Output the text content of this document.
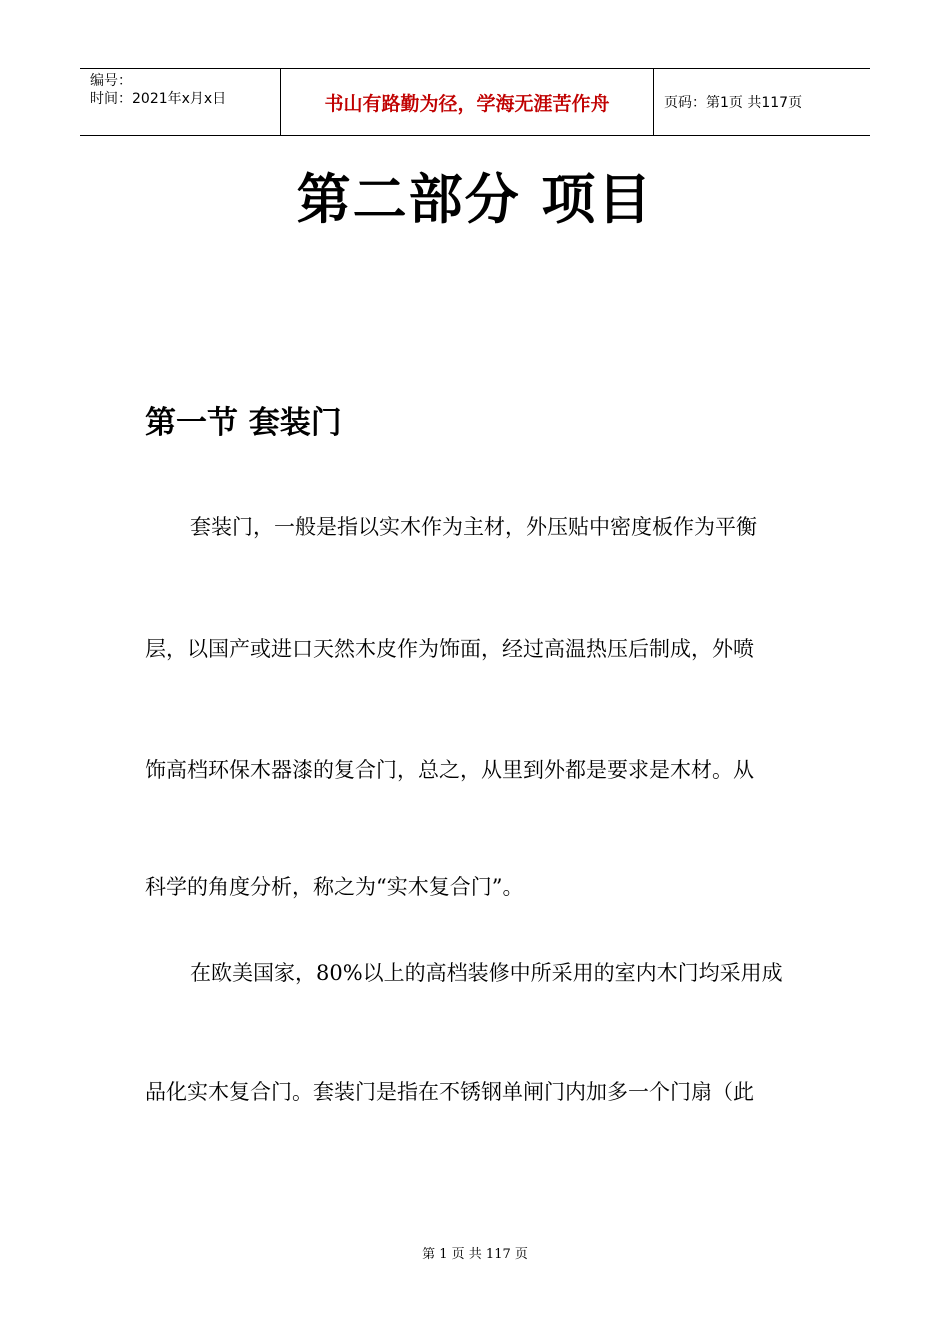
编号：
时间：2021年x月x日	书山有路勤为径，学海无涯苦作舟	页码：第1页 共117页
第二部分 项目
第一节 套装门
套装门，一般是指以实木作为主材，外压贴中密度板作为平衡
层，以国产或进口天然木皮作为饰面，经过高温热压后制成，外喷
饰高档环保木器漆的复合门，总之，从里到外都是要求是木材。从
科学的角度分析，称之为“实木复合门”。
在欧美国家，80%以上的高档装修中所采用的室内木门均采用成
品化实木复合门。套装门是指在不锈钢单闸门内加多一个门扇（此
第 1 页 共 117 页
